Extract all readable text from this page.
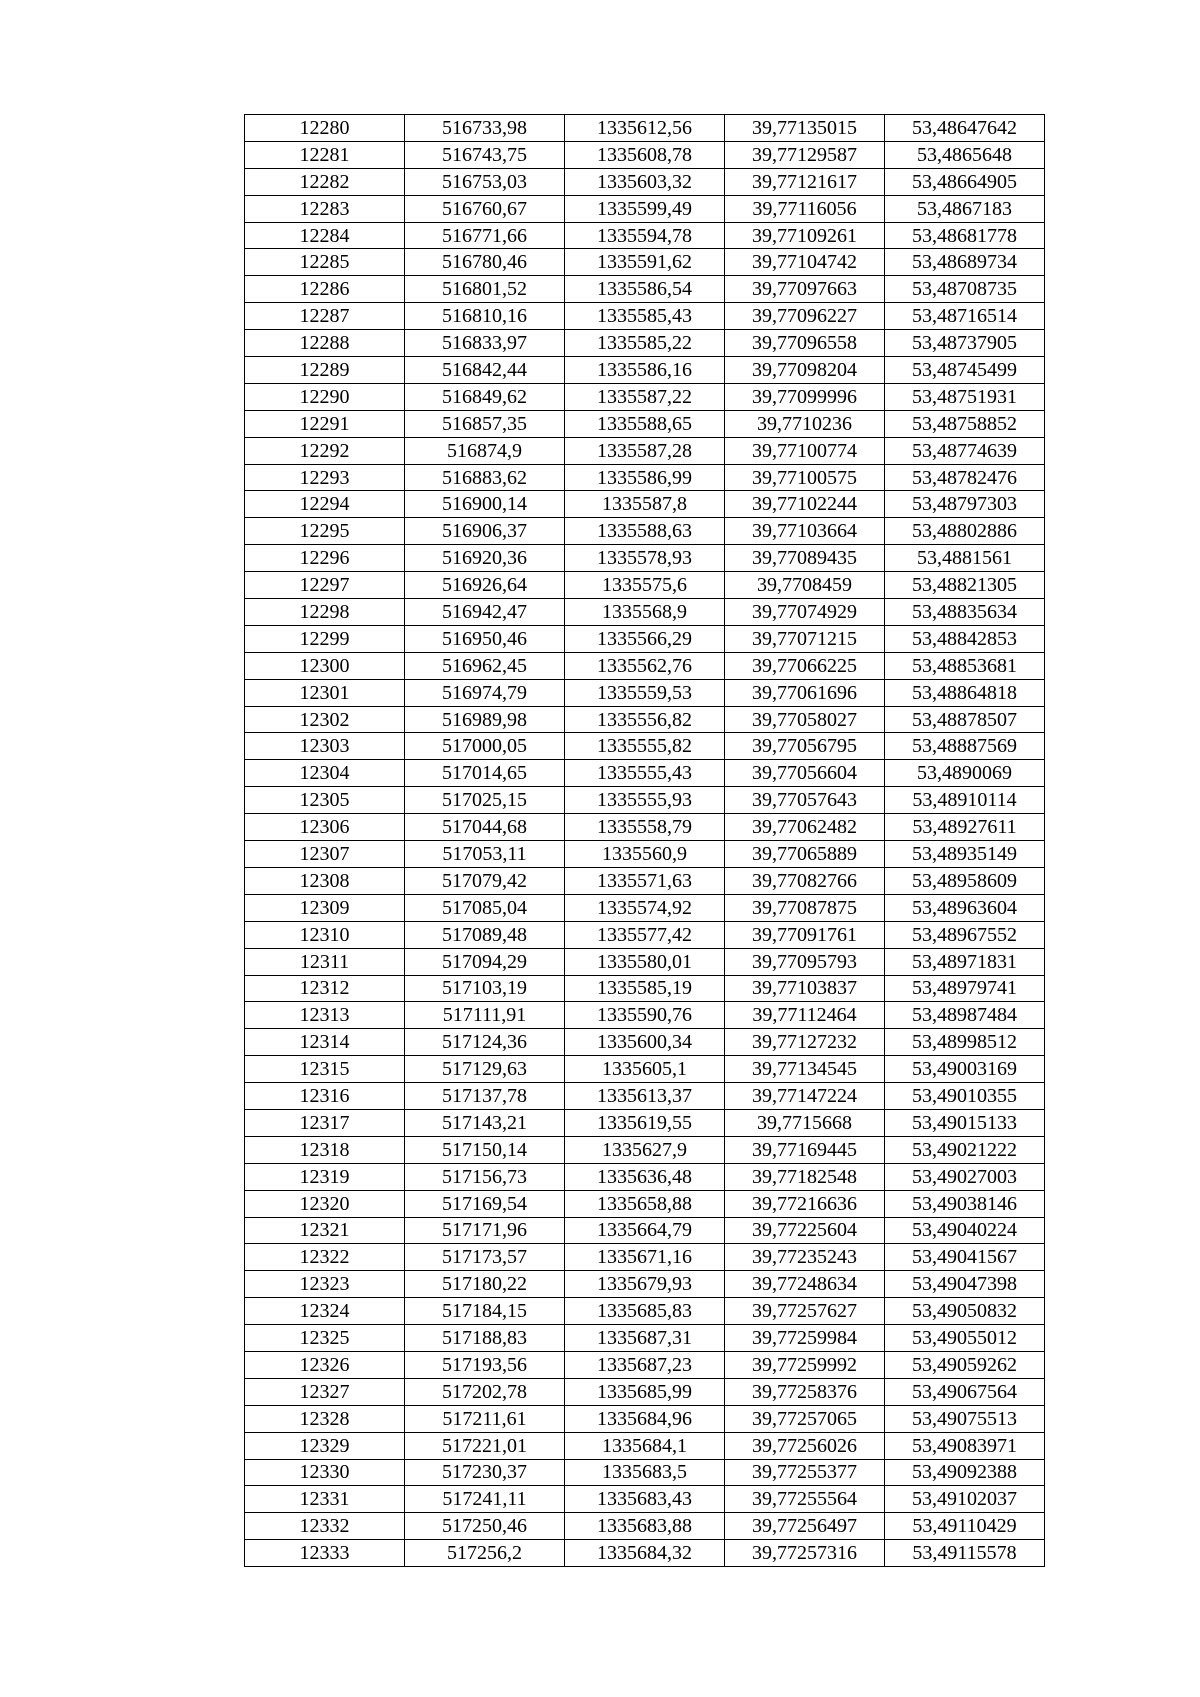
12280	516733,98	1335612,56	39,77135015	53,48647642
12281	516743,75	1335608,78	39,77129587	53,4865648
12282	516753,03	1335603,32	39,77121617	53,48664905
12283	516760,67	1335599,49	39,77116056	53,4867183
12284	516771,66	1335594,78	39,77109261	53,48681778
12285	516780,46	1335591,62	39,77104742	53,48689734
12286	516801,52	1335586,54	39,77097663	53,48708735
12287	516810,16	1335585,43	39,77096227	53,48716514
12288	516833,97	1335585,22	39,77096558	53,48737905
12289	516842,44	1335586,16	39,77098204	53,48745499
12290	516849,62	1335587,22	39,77099996	53,48751931
12291	516857,35	1335588,65	39,7710236	53,48758852
12292	516874,9	1335587,28	39,77100774	53,48774639
12293	516883,62	1335586,99	39,77100575	53,48782476
12294	516900,14	1335587,8	39,77102244	53,48797303
12295	516906,37	1335588,63	39,77103664	53,48802886
12296	516920,36	1335578,93	39,77089435	53,4881561
12297	516926,64	1335575,6	39,7708459	53,48821305
12298	516942,47	1335568,9	39,77074929	53,48835634
12299	516950,46	1335566,29	39,77071215	53,48842853
12300	516962,45	1335562,76	39,77066225	53,48853681
12301	516974,79	1335559,53	39,77061696	53,48864818
12302	516989,98	1335556,82	39,77058027	53,48878507
12303	517000,05	1335555,82	39,77056795	53,48887569
12304	517014,65	1335555,43	39,77056604	53,4890069
12305	517025,15	1335555,93	39,77057643	53,48910114
12306	517044,68	1335558,79	39,77062482	53,48927611
12307	517053,11	1335560,9	39,77065889	53,48935149
12308	517079,42	1335571,63	39,77082766	53,48958609
12309	517085,04	1335574,92	39,77087875	53,48963604
12310	517089,48	1335577,42	39,77091761	53,48967552
12311	517094,29	1335580,01	39,77095793	53,48971831
12312	517103,19	1335585,19	39,77103837	53,48979741
12313	517111,91	1335590,76	39,77112464	53,48987484
12314	517124,36	1335600,34	39,77127232	53,48998512
12315	517129,63	1335605,1	39,77134545	53,49003169
12316	517137,78	1335613,37	39,77147224	53,49010355
12317	517143,21	1335619,55	39,7715668	53,49015133
12318	517150,14	1335627,9	39,77169445	53,49021222
12319	517156,73	1335636,48	39,77182548	53,49027003
12320	517169,54	1335658,88	39,77216636	53,49038146
12321	517171,96	1335664,79	39,77225604	53,49040224
12322	517173,57	1335671,16	39,77235243	53,49041567
12323	517180,22	1335679,93	39,77248634	53,49047398
12324	517184,15	1335685,83	39,77257627	53,49050832
12325	517188,83	1335687,31	39,77259984	53,49055012
12326	517193,56	1335687,23	39,77259992	53,49059262
12327	517202,78	1335685,99	39,77258376	53,49067564
12328	517211,61	1335684,96	39,77257065	53,49075513
12329	517221,01	1335684,1	39,77256026	53,49083971
12330	517230,37	1335683,5	39,77255377	53,49092388
12331	517241,11	1335683,43	39,77255564	53,49102037
12332	517250,46	1335683,88	39,77256497	53,49110429
12333	517256,2	1335684,32	39,77257316	53,49115578
